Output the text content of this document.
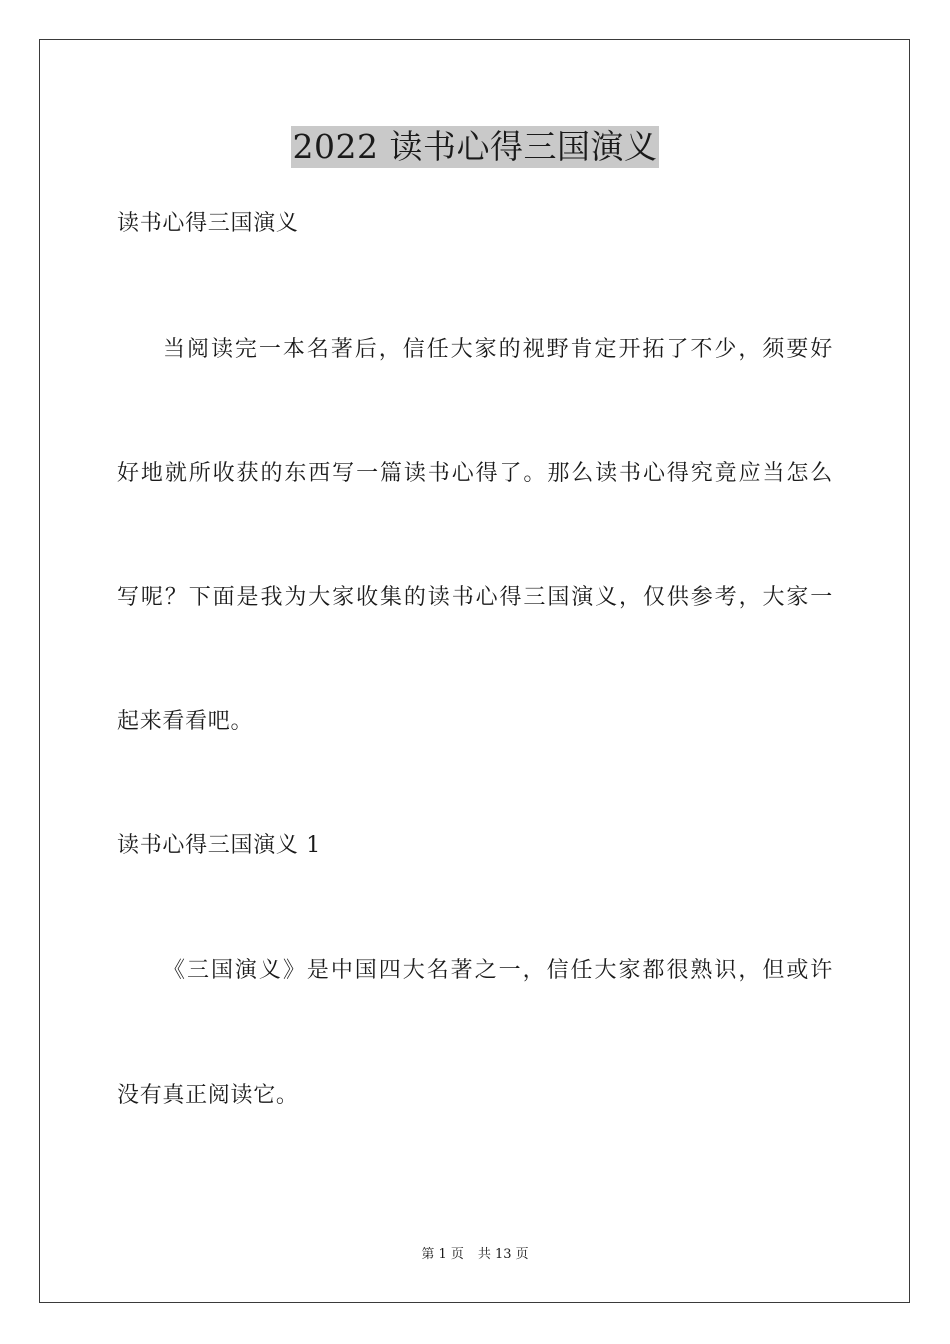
2022 读书心得三国演义
读书心得三国演义
当阅读完一本名著后，信任大家的视野肯定开拓了不少，须要好
好地就所收获的东西写一篇读书心得了。那么读书心得究竟应当怎么
写呢？下面是我为大家收集的读书心得三国演义，仅供参考，大家一
起来看看吧。
读书心得三国演义 1
《三国演义》是中国四大名著之一，信任大家都很熟识，但或许
没有真正阅读它。
第 1 页 共 13 页
